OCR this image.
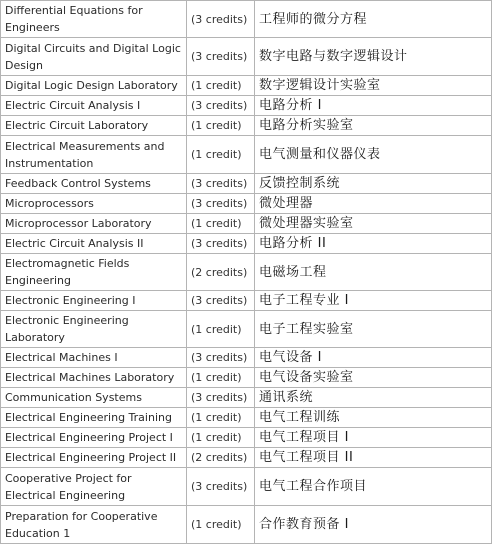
Differential Equations for Engineers	(3 credits)	工程师的微分方程
Digital Circuits and Digital Logic Design	(3 credits)	数字电路与数字逻辑设计
Digital Logic Design Laboratory	(1 credit)	数字逻辑设计实验室
Electric Circuit Analysis I	(3 credits)	电路分析 I
Electric Circuit Laboratory	(1 credit)	电路分析实验室
Electrical Measurements and Instrumentation	(1 credit)	电气测量和仪器仪表
Feedback Control Systems	(3 credits)	反馈控制系统
Microprocessors	(3 credits)	微处理器
Microprocessor Laboratory	(1 credit)	微处理器实验室
Electric Circuit Analysis II	(3 credits)	电路分析 II
Electromagnetic Fields Engineering	(2 credits)	电磁场工程
Electronic Engineering I	(3 credits)	电子工程专业 I
Electronic Engineering Laboratory	(1 credit)	电子工程实验室
Electrical Machines I	(3 credits)	电气设备 I
Electrical Machines Laboratory	(1 credit)	电气设备实验室
Communication Systems	(3 credits)	通讯系统
Electrical Engineering Training	(1 credit)	电气工程训练
Electrical Engineering Project I	(1 credit)	电气工程项目 I
Electrical Engineering Project II	(2 credits)	电气工程项目 II
Cooperative Project for Electrical Engineering	(3 credits)	电气工程合作项目
Preparation for Cooperative Education 1	(1 credit)	合作教育预备 I
